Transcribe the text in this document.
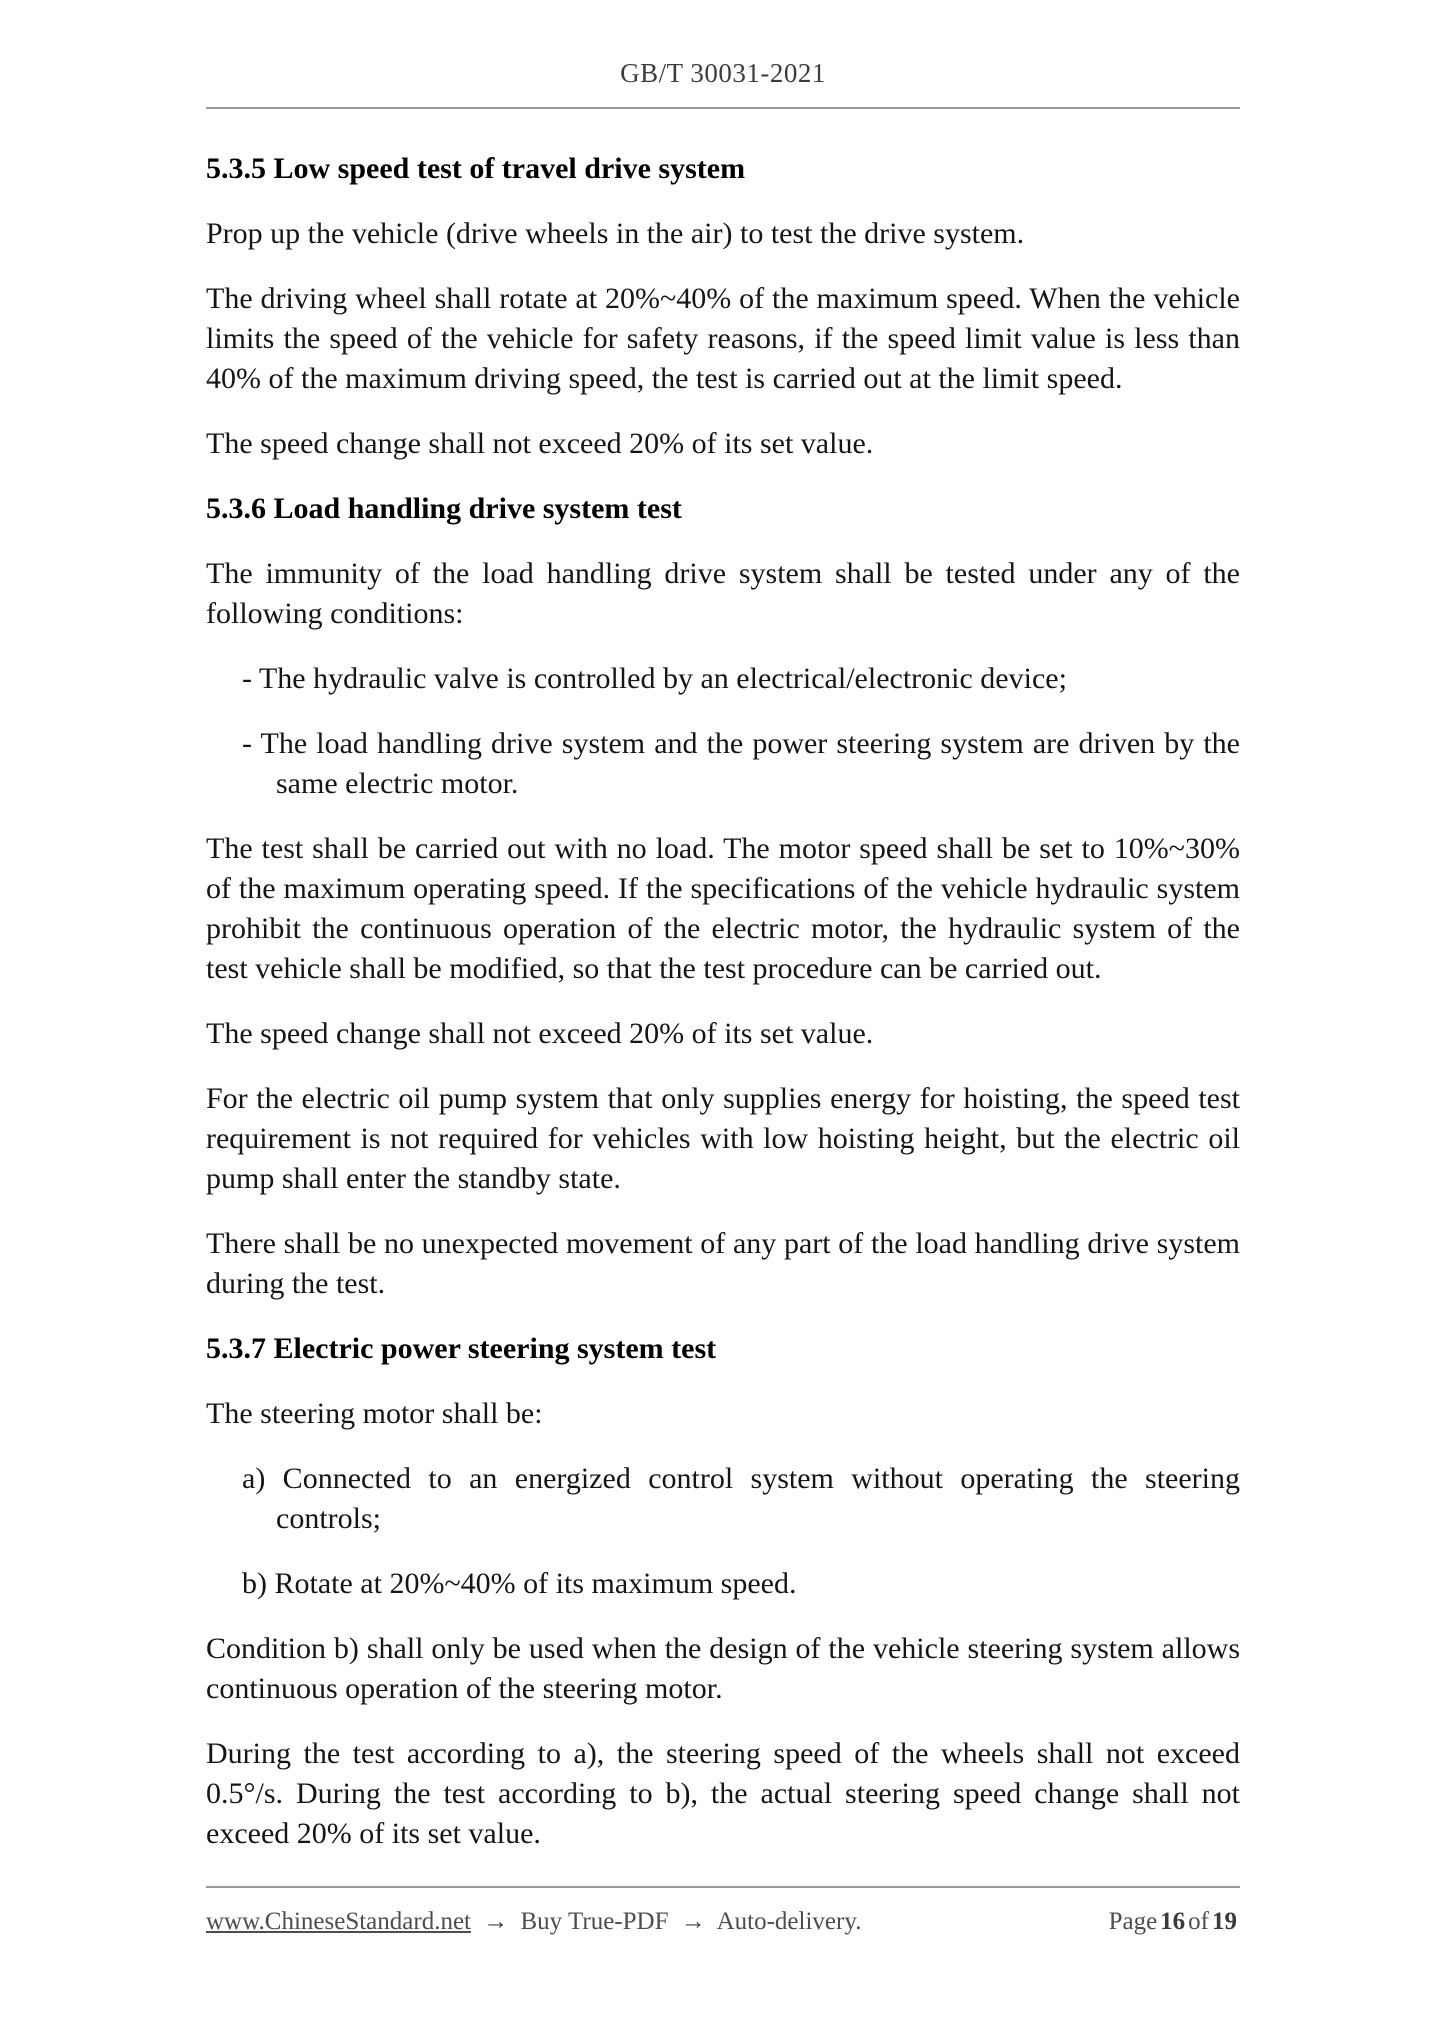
GB/T 30031-2021
5.3.5 Low speed test of travel drive system

Prop up the vehicle (drive wheels in the air) to test the drive system.

The driving wheel shall rotate at 20%~40% of the maximum speed. When the vehicle limits the speed of the vehicle for safety reasons, if the speed limit value is less than 40% of the maximum driving speed, the test is carried out at the limit speed.

The speed change shall not exceed 20% of its set value.

5.3.6 Load handling drive system test

The immunity of the load handling drive system shall be tested under any of the following conditions:

- The hydraulic valve is controlled by an electrical/electronic device;

- The load handling drive system and the power steering system are driven by the same electric motor.

The test shall be carried out with no load. The motor speed shall be set to 10%~30% of the maximum operating speed. If the specifications of the vehicle hydraulic system prohibit the continuous operation of the electric motor, the hydraulic system of the test vehicle shall be modified, so that the test procedure can be carried out.

The speed change shall not exceed 20% of its set value.

For the electric oil pump system that only supplies energy for hoisting, the speed test requirement is not required for vehicles with low hoisting height, but the electric oil pump shall enter the standby state.

There shall be no unexpected movement of any part of the load handling drive system during the test.

5.3.7 Electric power steering system test

The steering motor shall be:

a) Connected to an energized control system without operating the steering controls;

b) Rotate at 20%~40% of its maximum speed.

Condition b) shall only be used when the design of the vehicle steering system allows continuous operation of the steering motor.

During the test according to a), the steering speed of the wheels shall not exceed 0.5°/s. During the test according to b), the actual steering speed change shall not exceed 20% of its set value.

www.ChineseStandard.net → Buy True-PDF → Auto-delivery.	Page 16 of 19
